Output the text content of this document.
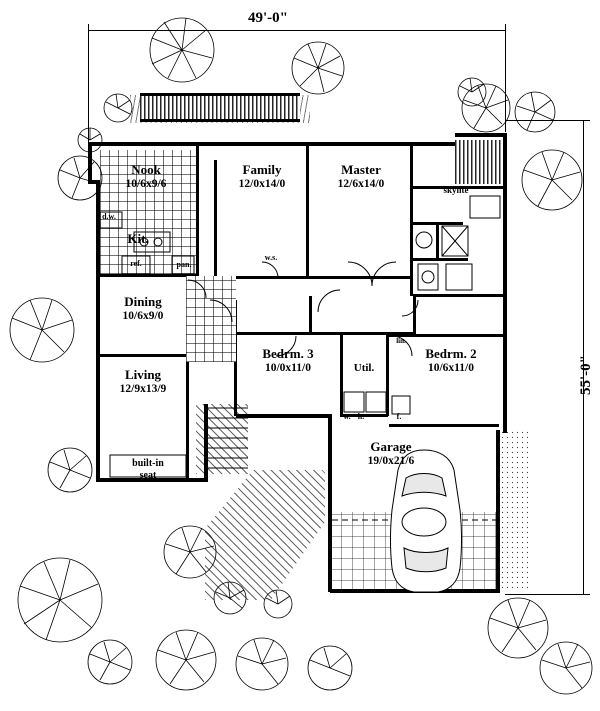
49'-0"
55'-0"
Nook
10/6x9/6
Family
12/0x14/0
Master
12/6x14/0
Kit.
Dining
10/6x9/0
Living
12/9x13/9
Bedrm. 3
10/0x11/0
Bedrm. 2
10/6x11/0
Util.
Garage
19/0x21/6
skylite
d.w.
ref.	pan.
w.s.
lin.
w. h.	f.
built-in
seat
